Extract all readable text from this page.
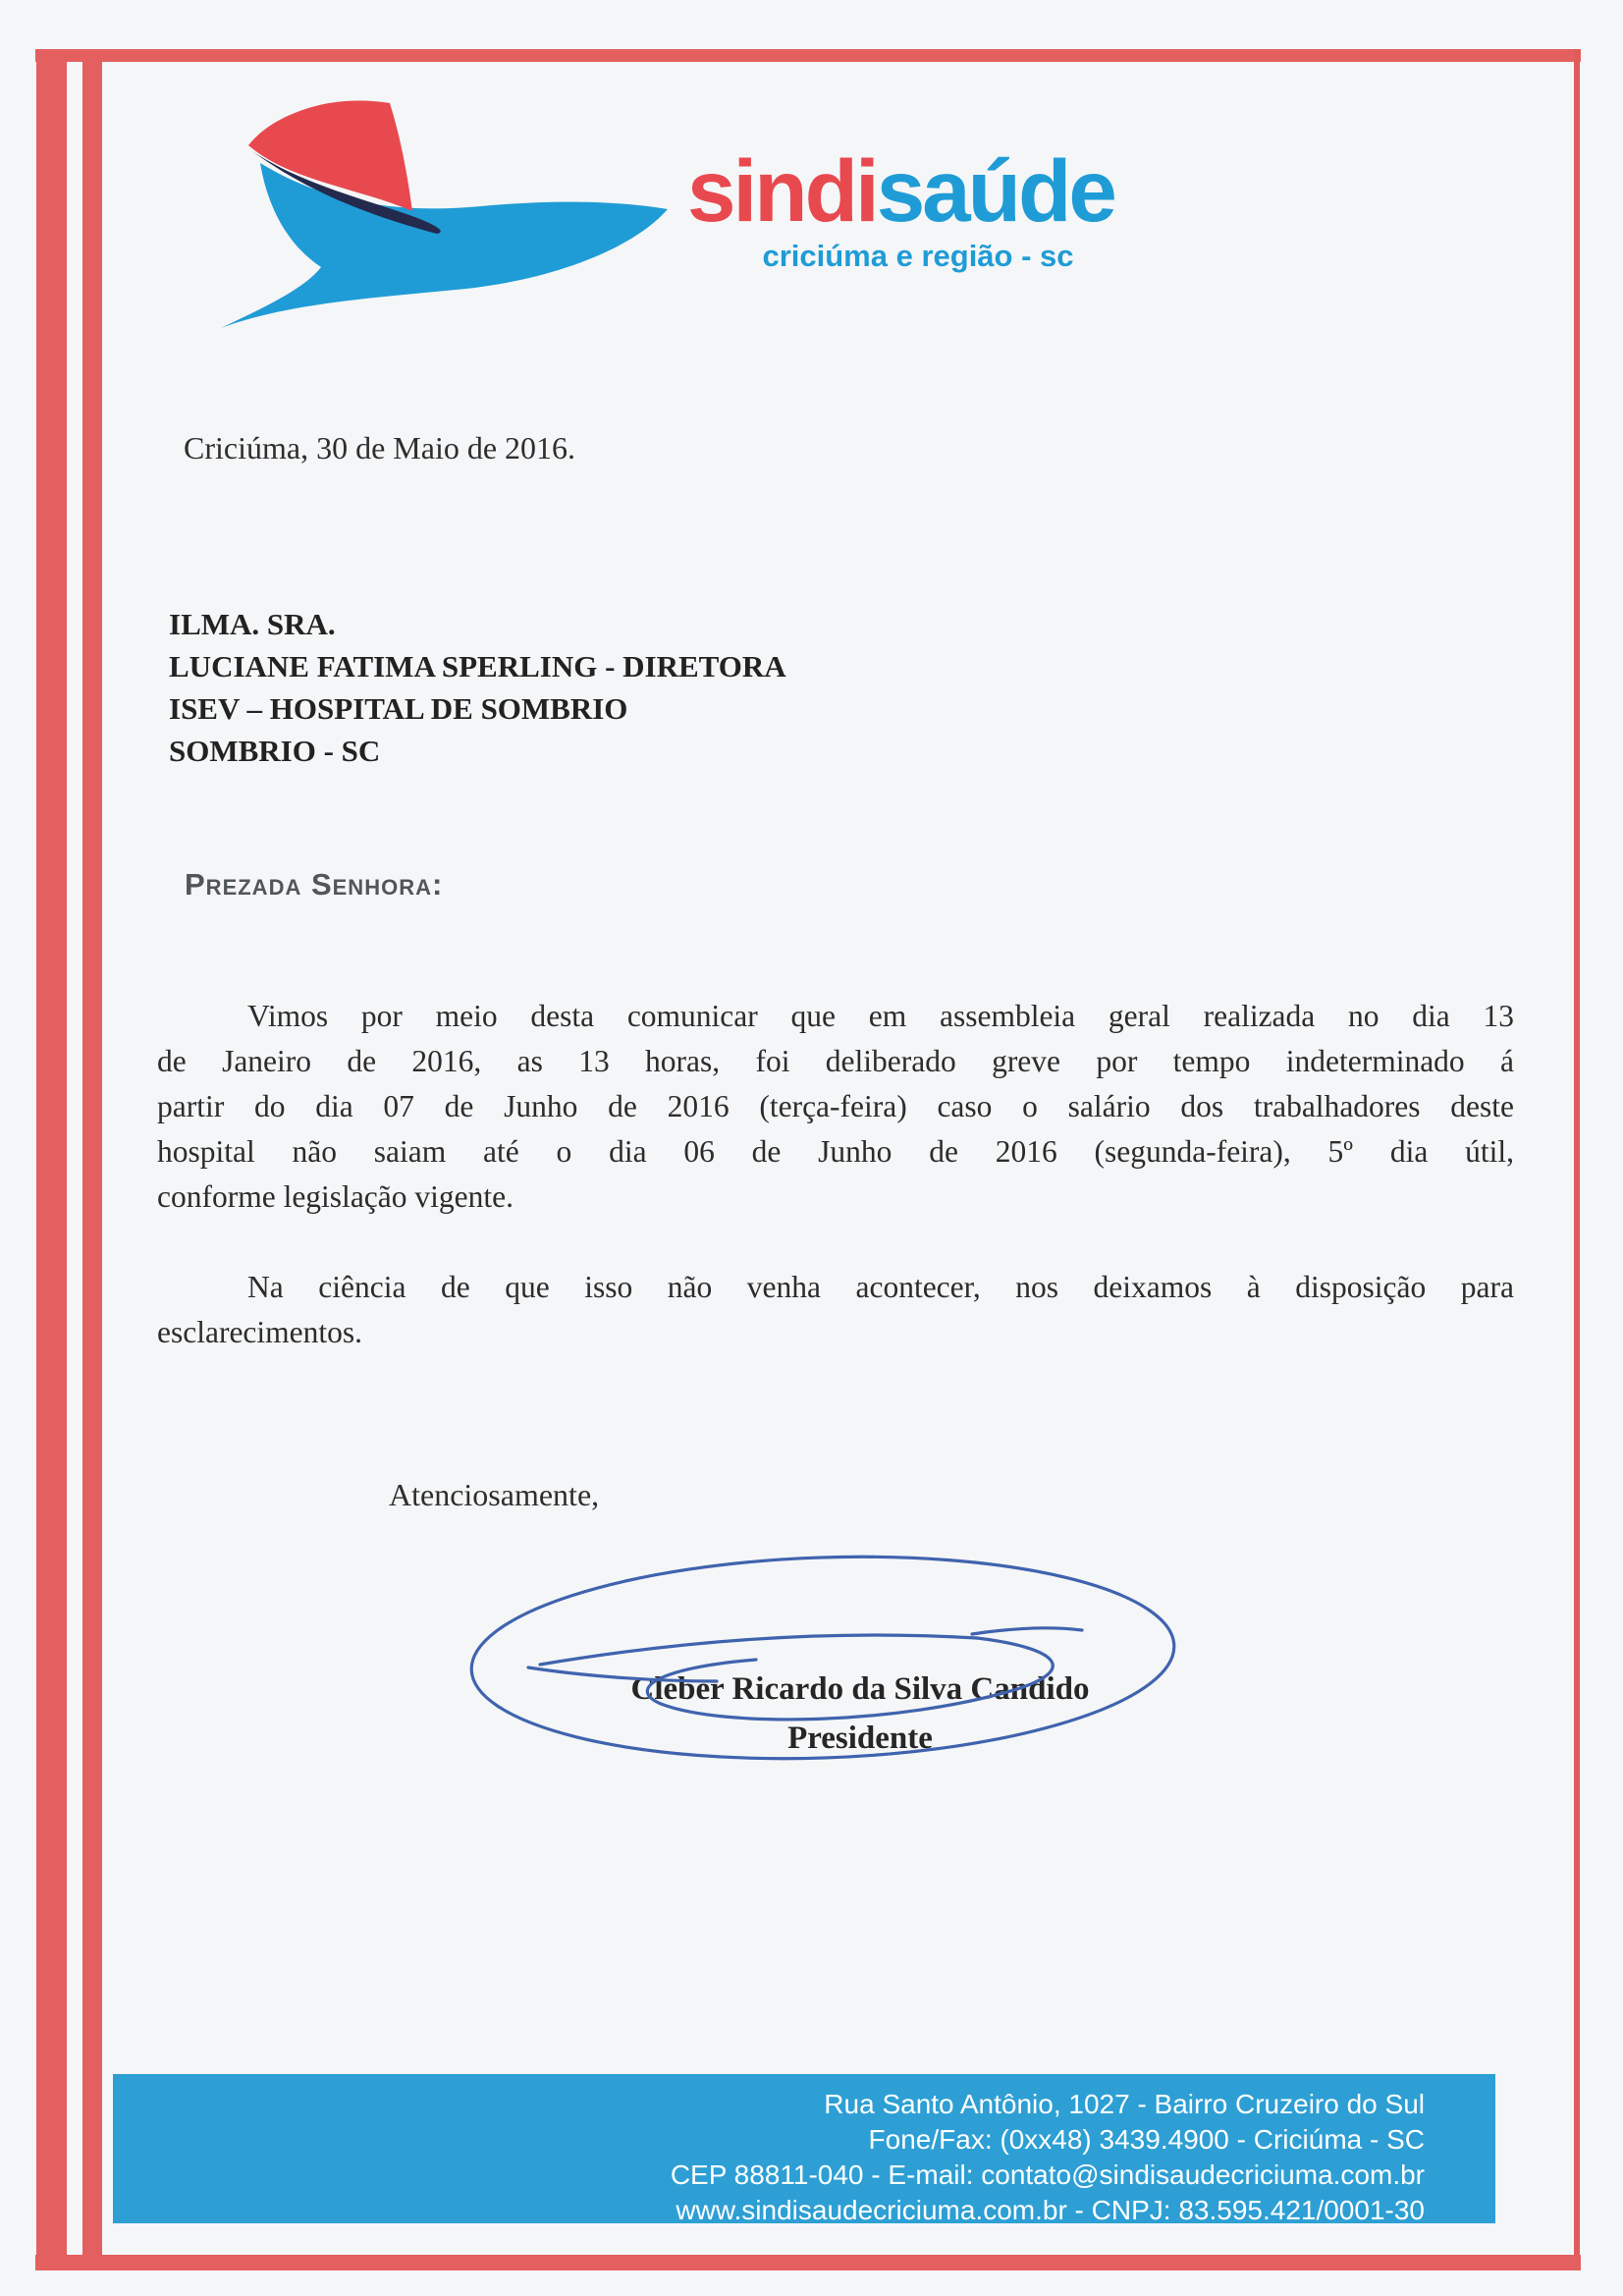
sindisaúde
criciúma e região - sc
Criciúma, 30 de Maio de 2016.
ILMA. SRA.
LUCIANE FATIMA SPERLING - DIRETORA
ISEV – HOSPITAL DE SOMBRIO
SOMBRIO - SC
Prezada Senhora:
Vimos por meio desta comunicar que em assembleia geral realizada no dia 13
de Janeiro de 2016, as 13 horas, foi deliberado greve por tempo indeterminado á
partir do dia 07 de Junho de 2016 (terça-feira) caso o salário dos trabalhadores deste
hospital não saiam até o dia 06 de Junho de 2016 (segunda-feira), 5º dia útil,
conforme legislação vigente.
Na ciência de que isso não venha acontecer, nos deixamos à disposição para
esclarecimentos.
Atenciosamente,
Cleber Ricardo da Silva Candido
Presidente
Rua Santo Antônio, 1027 - Bairro Cruzeiro do Sul
Fone/Fax: (0xx48) 3439.4900 - Criciúma - SC
CEP 88811-040 - E-mail: contato@sindisaudecriciuma.com.br
www.sindisaudecriciuma.com.br - CNPJ: 83.595.421/0001-30
